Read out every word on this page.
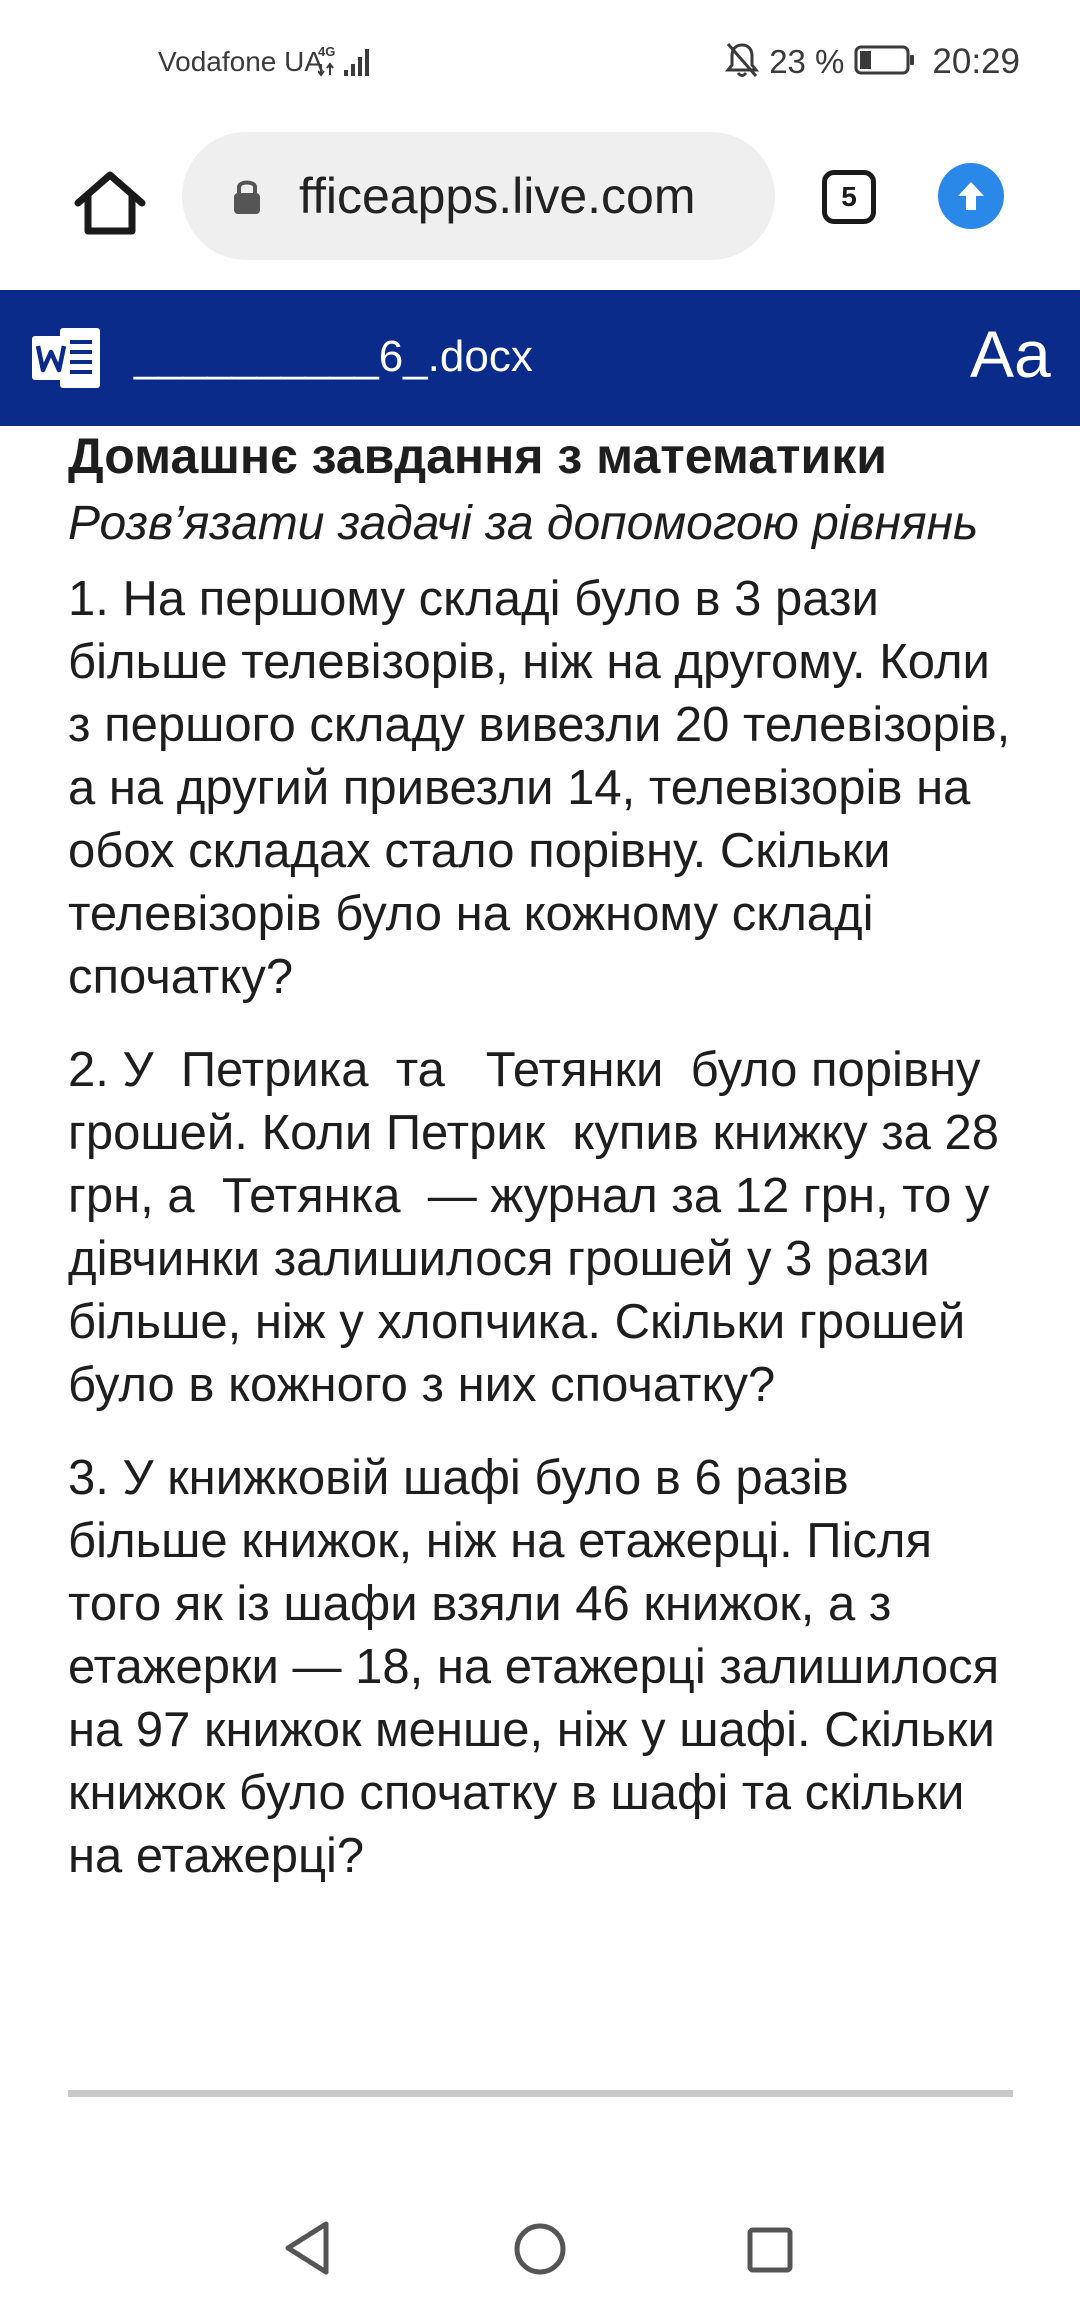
Vodafone UA
4G	23 %	20:29
fficeapps.live.com	5
__________6_.docx	Aa
Домашнє завдання з математики

Розв’язати задачі за допомогою рівнянь

1. На першому складі було в 3 рази більше телевізорів, ніж на другому. Коли з першого складу вивезли 20 телевізорів, а на другий привезли 14, телевізорів на обох складах стало порівну. Скільки телевізорів було на кожному складі спочатку?

2. У  Петрика  та   Тетянки  було порівну грошей. Коли Петрик  купив книжку за 28 грн, а  Тетянка  — журнал за 12 грн, то у дівчинки залишилося грошей у 3 рази більше, ніж у хлопчика. Скільки грошей було в кожного з них спочатку?

3. У книжковій шафі було в 6 разів більше книжок, ніж на етажерці. Після того як із шафи взяли 46 книжок, а з етажерки — 18, на етажерці залишилося на 97 книжок менше, ніж у шафі. Скільки книжок було спочатку в шафі та скільки на етажерці?
